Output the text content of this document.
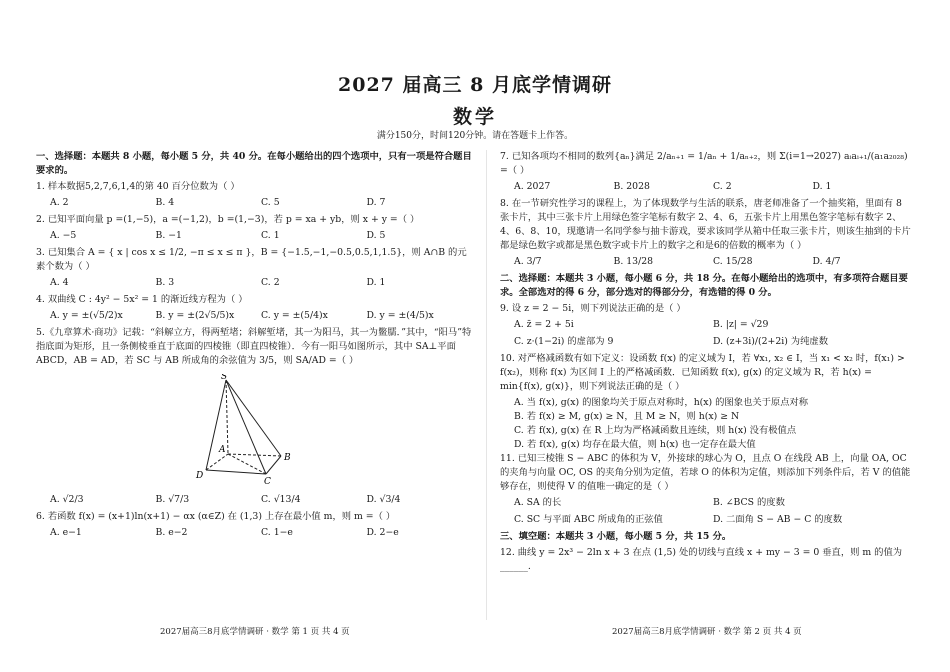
2027 届高三 8 月底学情调研
数学
满分150分，时间120分钟。请在答题卡上作答。
一、选择题：本题共 8 小题，每小题 5 分，共 40 分。在每小题给出的四个选项中，只有一项是符合题目要求的。
1. 样本数据5,2,7,6,1,4的第 40 百分位数为（ ）
A. 2	B. 4	C. 5	D. 7
2. 已知平面向量 p =(1,−5)，a =(−1,2)，b =(1,−3)，若 p = xa + yb，则 x + y =（ ）
A. −5	B. −1	C. 1	D. 5
3. 已知集合 A = { x | cos x ≤ 1/2, −π ≤ x ≤ π }，B = {−1.5,−1,−0.5,0.5,1,1.5}，则 A∩B 的元素个数为（ ）
A. 4	B. 3	C. 2	D. 1
4. 双曲线 C : 4y² − 5x² = 1 的渐近线方程为（ ）
A. y = ±(√5/2)x	B. y = ±(2√5/5)x	C. y = ±(5/4)x	D. y = ±(4/5)x
5.《九章算术·商功》记载：“斜解立方，得两堑堵；斜解堑堵，其一为阳马，其一为鳖臑．”其中，“阳马”特指底面为矩形，且一条侧棱垂直于底面的四棱锥（即直四棱锥）．今有一阳马如图所示，其中 SA⊥平面 ABCD，AB = AD，若 SC 与 AB 所成角的余弦值为 3/5，则 SA/AD =（ ）
S
A
B
C
D
A. √2/3	B. √7/3	C. √13/4	D. √3/4
6. 若函数 f(x) = (x+1)ln(x+1) − αx (α∈Z) 在 (1,3) 上存在最小值 m，则 m =（ ）
A. e−1	B. e−2	C. 1−e	D. 2−e
7. 已知各项均不相同的数列{aₙ}满足 2/aₙ₊₁ = 1/aₙ + 1/aₙ₊₂，则 Σ(i=1→2027) aᵢaᵢ₊₁/(a₁a₂₀₂₈) =（ ）
A. 2027	B. 2028	C. 2	D. 1
8. 在一节研究性学习的课程上，为了体现数学与生活的联系，唐老师准备了一个抽奖箱，里面有 8 张卡片，其中三张卡片上用绿色签字笔标有数字 2、4、6，五张卡片上用黑色签字笔标有数字 2、4、6、8、10，现邀请一名同学参与抽卡游戏，要求该同学从箱中任取三张卡片，则该生抽到的卡片都是绿色数字或都是黑色数字或卡片上的数字之和是6的倍数的概率为（ ）
A. 3/7	B. 13/28	C. 15/28	D. 4/7
二、选择题：本题共 3 小题，每小题 6 分，共 18 分。在每小题给出的选项中，有多项符合题目要求。全部选对的得 6 分，部分选对的得部分分，有选错的得 0 分。
9. 设 z = 2 − 5i，则下列说法正确的是（ ）
A. z̄ = 2 + 5i	B. |z| = √29
C. z·(1−2i) 的虚部为 9	D. (z+3i)/(2+2i) 为纯虚数
10. 对严格减函数有如下定义：设函数 f(x) 的定义域为 I，若 ∀x₁, x₂ ∈ I，当 x₁ < x₂ 时，f(x₁) > f(x₂)，则称 f(x) 为区间 I 上的严格减函数．已知函数 f(x), g(x) 的定义域为 R，若 h(x) = min{f(x), g(x)}，则下列说法正确的是（ ）
A. 当 f(x), g(x) 的图象均关于原点对称时，h(x) 的图象也关于原点对称
B. 若 f(x) ≥ M, g(x) ≥ N，且 M ≥ N，则 h(x) ≥ N
C. 若 f(x), g(x) 在 R 上均为严格减函数且连续，则 h(x) 没有极值点
D. 若 f(x), g(x) 均存在最大值，则 h(x) 也一定存在最大值
11. 已知三棱锥 S − ABC 的体积为 V，外接球的球心为 O，且点 O 在线段 AB 上，向量 OA, OC 的夹角与向量 OC, OS 的夹角分别为定值，若球 O 的体积为定值，则添加下列条件后，若 V 的值能够存在，则使得 V 的值唯一确定的是（ ）
A. SA 的长	B. ∠BCS 的度数
C. SC 与平面 ABC 所成角的正弦值	D. 二面角 S − AB − C 的度数
三、填空题：本题共 3 小题，每小题 5 分，共 15 分。
12. 曲线 y = 2x³ − 2ln x + 3 在点 (1,5) 处的切线与直线 x + my − 3 = 0 垂直，则 m 的值为 ______.
2027届高三8月底学情调研 · 数学 第 1 页 共 4 页	2027届高三8月底学情调研 · 数学 第 2 页 共 4 页
